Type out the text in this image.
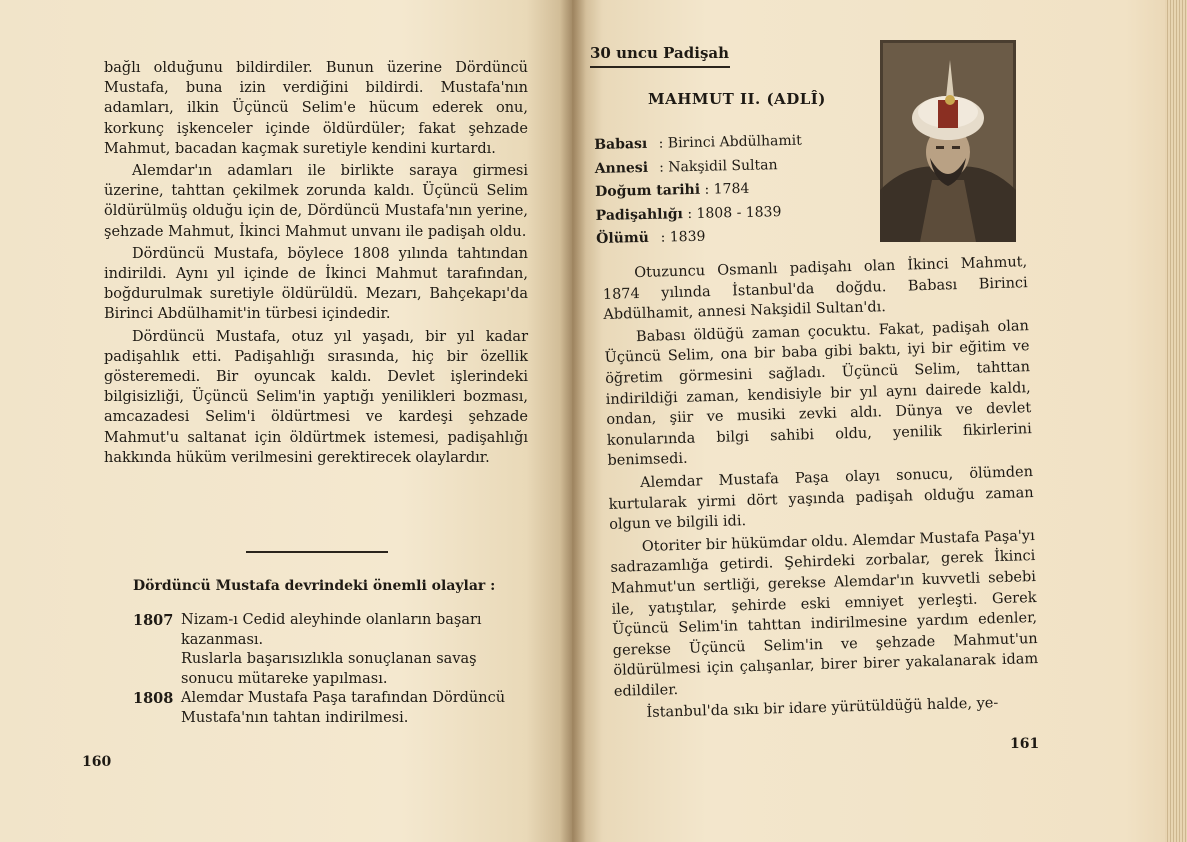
bağlı olduğunu bildirdiler. Bunun üzerine Dördüncü Mustafa, buna izin verdiğini bildirdi. Mustafa'nın adamları, ilkin Üçüncü Selim'e hücum ederek onu, korkunç işkenceler içinde öldürdüler; fakat şehzade Mahmut, bacadan kaçmak suretiyle kendini kurtardı.

Alemdar'ın adamları ile birlikte saraya girmesi üzerine, tahttan çekilmek zorunda kaldı. Üçüncü Selim öldürülmüş olduğu için de, Dördüncü Mustafa'nın yerine, şehzade Mahmut, İkinci Mahmut unvanı ile padişah oldu.

Dördüncü Mustafa, böylece 1808 yılında tahtından indirildi. Aynı yıl içinde de İkinci Mahmut tarafından, boğdurulmak suretiyle öldürüldü. Mezarı, Bahçekapı'da Birinci Abdülhamit'in türbesi içindedir.

Dördüncü Mustafa, otuz yıl yaşadı, bir yıl kadar padişahlık etti. Padişahlığı sırasında, hiç bir özellik gösteremedi. Bir oyuncak kaldı. Devlet işlerindeki bilgisizliği, Üçüncü Selim'in yaptığı yenilikleri bozması, amcazadesi Selim'i öldürtmesi ve kardeşi şehzade Mahmut'u saltanat için öldürtmek istemesi, padişahlığı hakkında hüküm verilmesini gerektirecek olaylardır.

Dördüncü Mustafa devrindeki önemli olaylar :
1807 Nizam-ı Cedid aleyhinde olanların başarı kazanması.
Ruslarla başarısızlıkla sonuçlanan savaş sonucu mütareke yapılması.
1808 Alemdar Mustafa Paşa tarafından Dördüncü Mustafa'nın tahtan indirilmesi.
160
30 uncu Padişah
MAHMUT II. (ADLÎ)
Babası : Birinci Abdülhamit
Annesi : Nakşidil Sultan
Doğum tarihi : 1784
Padişahlığı : 1808 - 1839
Ölümü : 1839

Otuzuncu Osmanlı padişahı olan İkinci Mahmut, 1874 yılında İstanbul'da doğdu. Babası Birinci Abdülhamit, annesi Nakşidil Sultan'dı.

Babası öldüğü zaman çocuktu. Fakat, padişah olan Üçüncü Selim, ona bir baba gibi baktı, iyi bir eğitim ve öğretim görmesini sağladı. Üçüncü Selim, tahttan indirildiği zaman, kendisiyle bir yıl aynı dairede kaldı, ondan, şiir ve musiki zevki aldı. Dünya ve devlet konularında bilgi sahibi oldu, yenilik fikirlerini benimsedi.

Alemdar Mustafa Paşa olayı sonucu, ölümden kurtularak yirmi dört yaşında padişah olduğu zaman olgun ve bilgili idi.

Otoriter bir hükümdar oldu. Alemdar Mustafa Paşa'yı sadrazamlığa getirdi. Şehirdeki zorbalar, gerek İkinci Mahmut'un sertliği, gerekse Alemdar'ın kuvvetli sebebi ile, yatıştılar, şehirde eski emniyet yerleşti. Gerek Üçüncü Selim'in tahttan indirilmesine yardım edenler, gerekse Üçüncü Selim'in ve şehzade Mahmut'un öldürülmesi için çalışanlar, birer birer yakalanarak idam edildiler.

İstanbul'da sıkı bir idare yürütüldüğü halde, ye-

161
